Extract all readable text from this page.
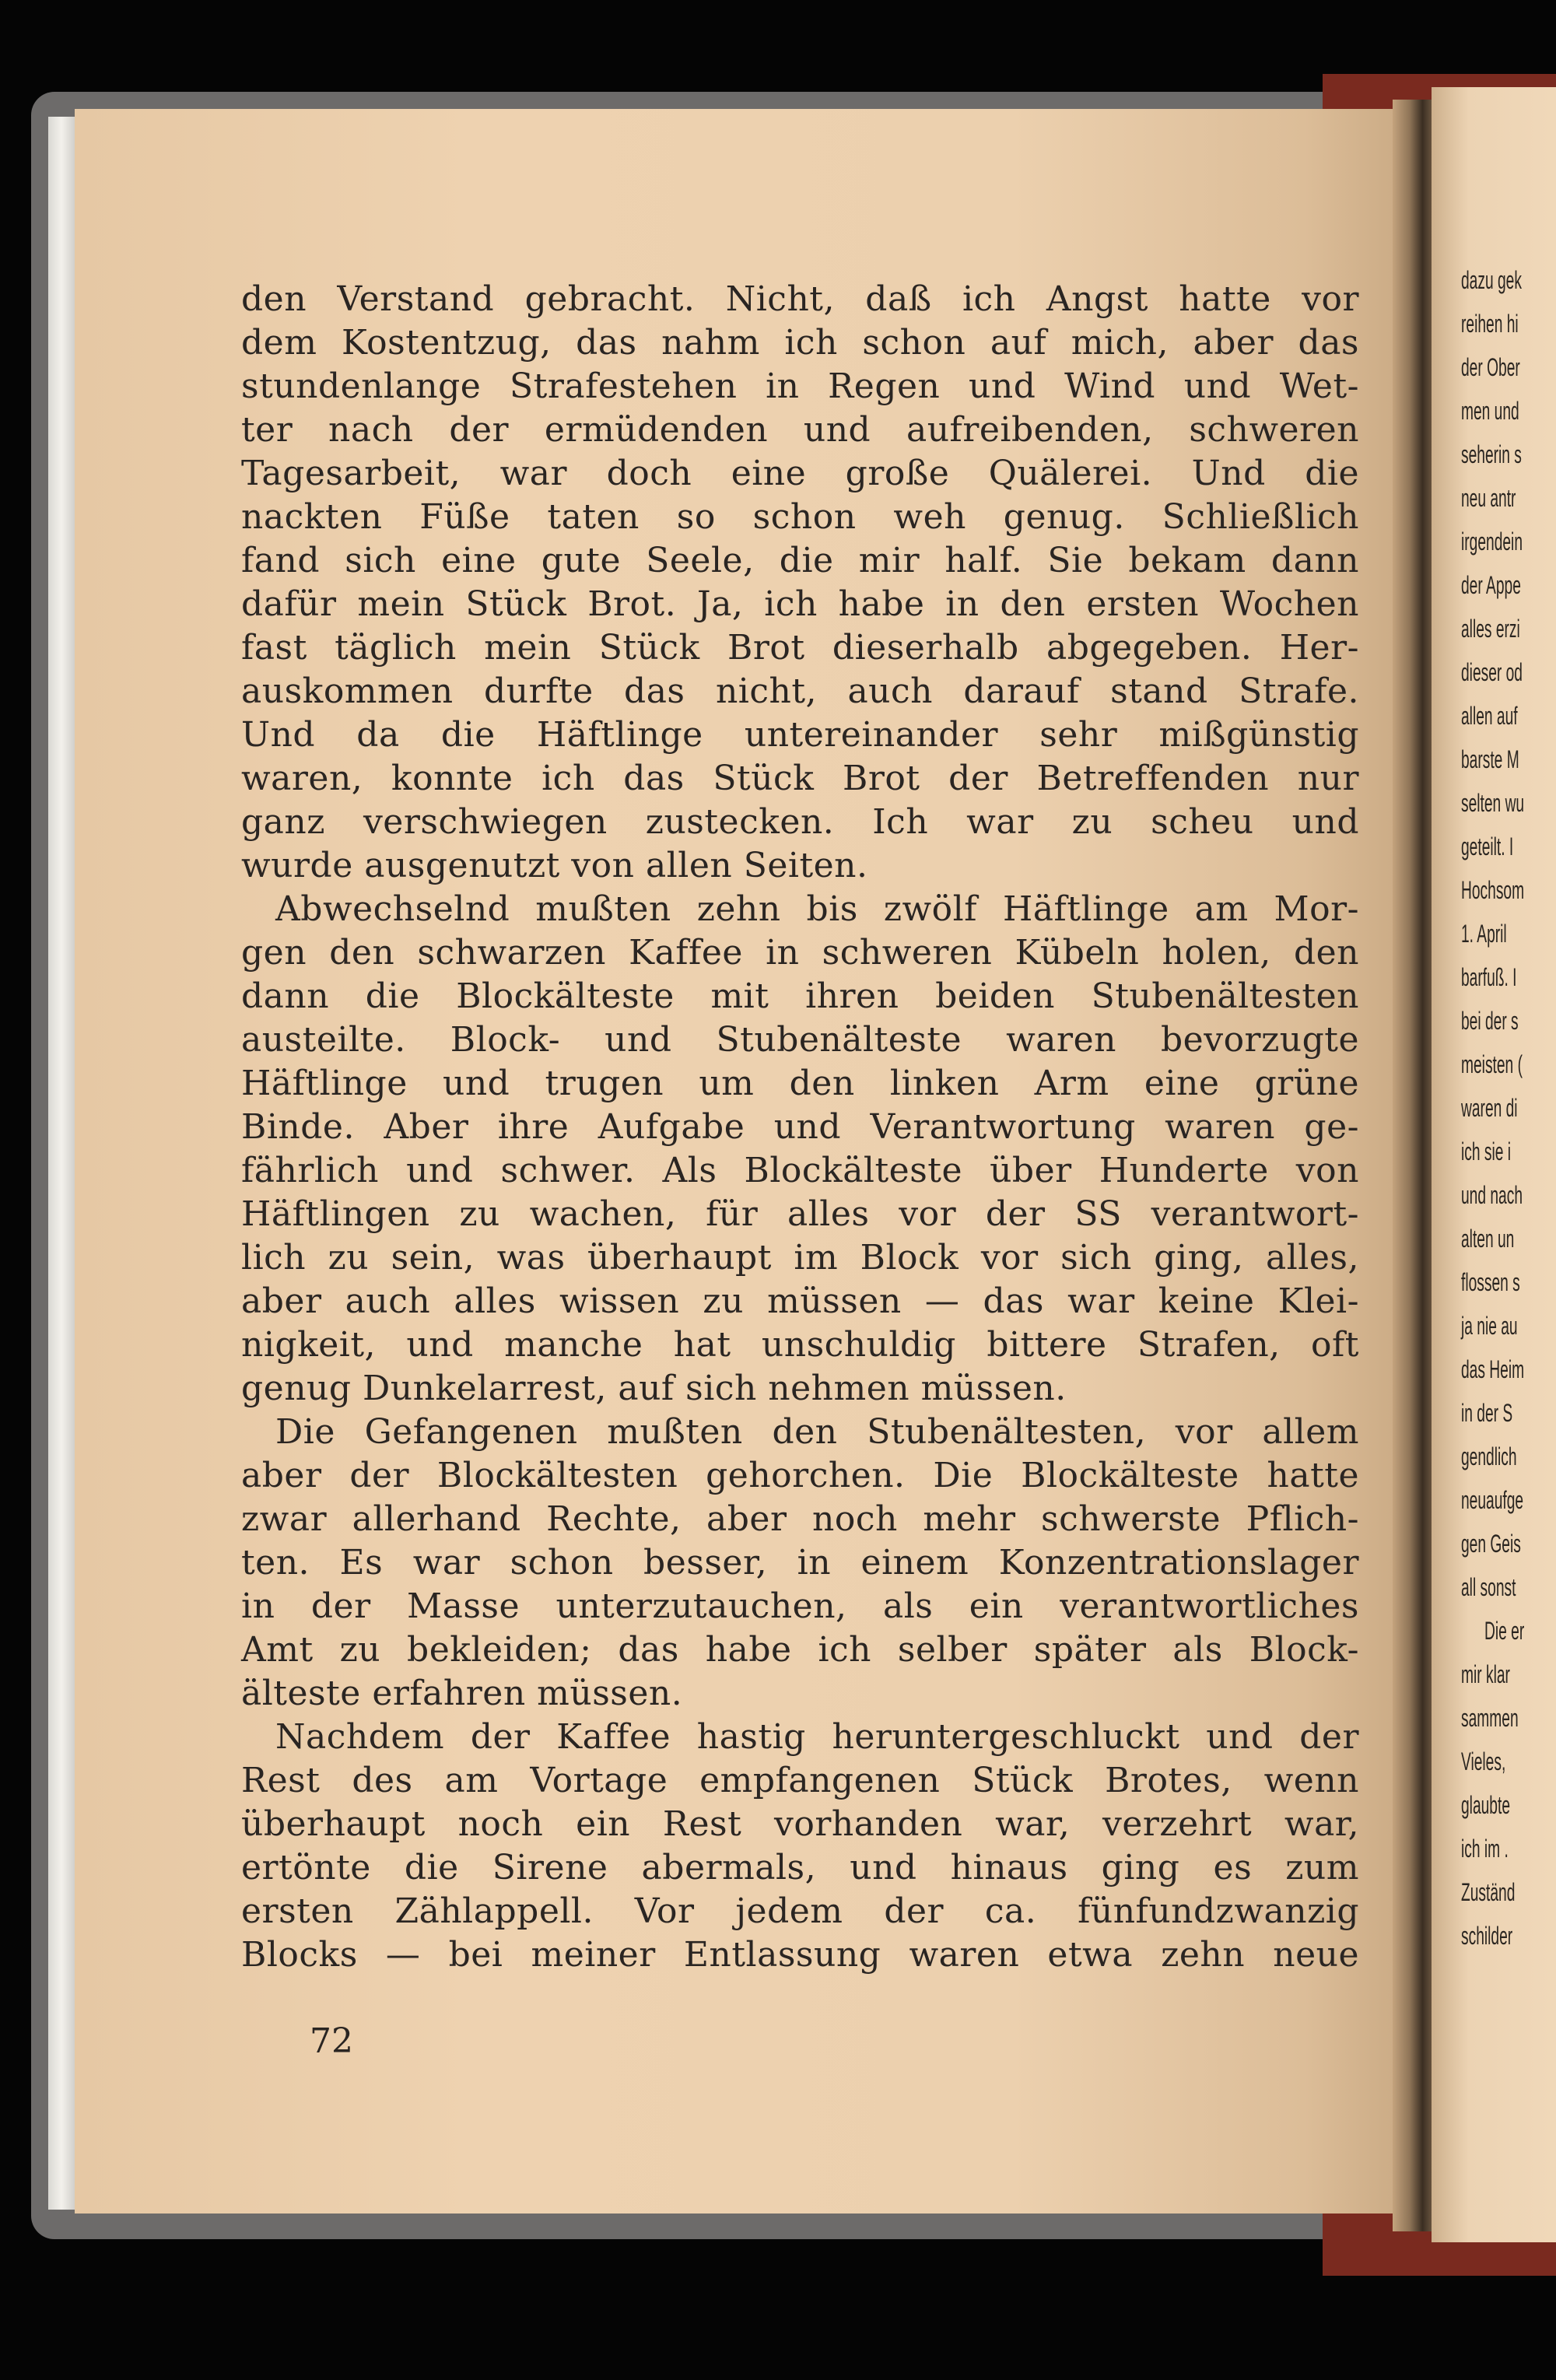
den Verstand gebracht. Nicht, daß ich Angst hatte vor
dem Kostentzug, das nahm ich schon auf mich, aber das
stundenlange Strafestehen in Regen und Wind und Wet-
ter nach der ermüdenden und aufreibenden, schweren
Tagesarbeit, war doch eine große Quälerei. Und die
nackten Füße taten so schon weh genug. Schließlich
fand sich eine gute Seele, die mir half. Sie bekam dann
dafür mein Stück Brot. Ja, ich habe in den ersten Wochen
fast täglich mein Stück Brot dieserhalb abgegeben. Her-
auskommen durfte das nicht, auch darauf stand Strafe.
Und da die Häftlinge untereinander sehr mißgünstig
waren, konnte ich das Stück Brot der Betreffenden nur
ganz verschwiegen zustecken. Ich war zu scheu und
wurde ausgenutzt von allen Seiten.
Abwechselnd mußten zehn bis zwölf Häftlinge am Mor-
gen den schwarzen Kaffee in schweren Kübeln holen, den
dann die Blockälteste mit ihren beiden Stubenältesten
austeilte. Block- und Stubenälteste waren bevorzugte
Häftlinge und trugen um den linken Arm eine grüne
Binde. Aber ihre Aufgabe und Verantwortung waren ge-
fährlich und schwer. Als Blockälteste über Hunderte von
Häftlingen zu wachen, für alles vor der SS verantwort-
lich zu sein, was überhaupt im Block vor sich ging, alles,
aber auch alles wissen zu müssen — das war keine Klei-
nigkeit, und manche hat unschuldig bittere Strafen, oft
genug Dunkelarrest, auf sich nehmen müssen.
Die Gefangenen mußten den Stubenältesten, vor allem
aber der Blockältesten gehorchen. Die Blockälteste hatte
zwar allerhand Rechte, aber noch mehr schwerste Pflich-
ten. Es war schon besser, in einem Konzentrationslager
in der Masse unterzutauchen, als ein verantwortliches
Amt zu bekleiden; das habe ich selber später als Block-
älteste erfahren müssen.
Nachdem der Kaffee hastig heruntergeschluckt und der
Rest des am Vortage empfangenen Stück Brotes, wenn
überhaupt noch ein Rest vorhanden war, verzehrt war,
ertönte die Sirene abermals, und hinaus ging es zum
ersten Zählappell. Vor jedem der ca. fünfundzwanzig
Blocks — bei meiner Entlassung waren etwa zehn neue
72
dazu gek
reihen hi
der Ober
men und
seherin s
neu antr
irgendein
der Appe
alles erzi
dieser od
allen auf
barste M
selten wu
geteilt. I
Hochsom
1. April
barfuß. I
bei der s
meisten (
waren di
ich sie i
und nach
alten un
flossen s
ja nie au
das Heim
in der S
gendlich
neuaufge
gen Geis
all sonst
Die er
mir klar
sammen
Vieles,
glaubte
ich im .
Zuständ
schilder
